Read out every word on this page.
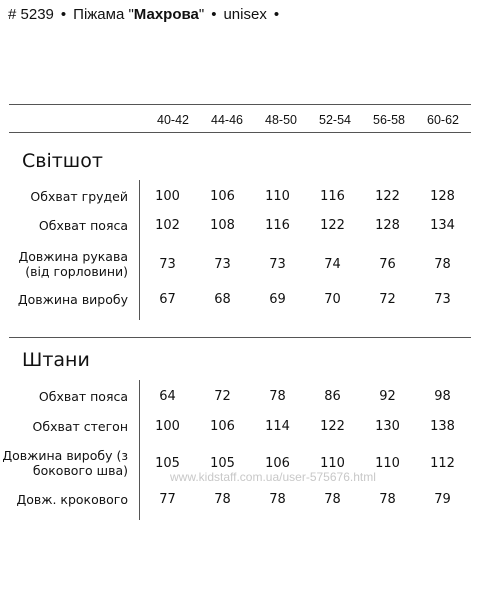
# 5239 • Піжама "Махрова" • unisex •
40-42	44-46	48-50	52-54	56-58	60-62
Світшот
Обхват грудей	100	106	110	116	122	128
Обхват пояса	102	108	116	122	128	134
Довжина рукава (від горловини)	73	73	73	74	76	78
Довжина виробу	67	68	69	70	72	73
Штани
Обхват пояса	64	72	78	86	92	98
Обхват стегон	100	106	114	122	130	138
Довжина виробу (з бокового шва)	105	105	106	110	110	112
Довж. крокового	77	78	78	78	78	79
www.kidstaff.com.ua/user-575676.html
